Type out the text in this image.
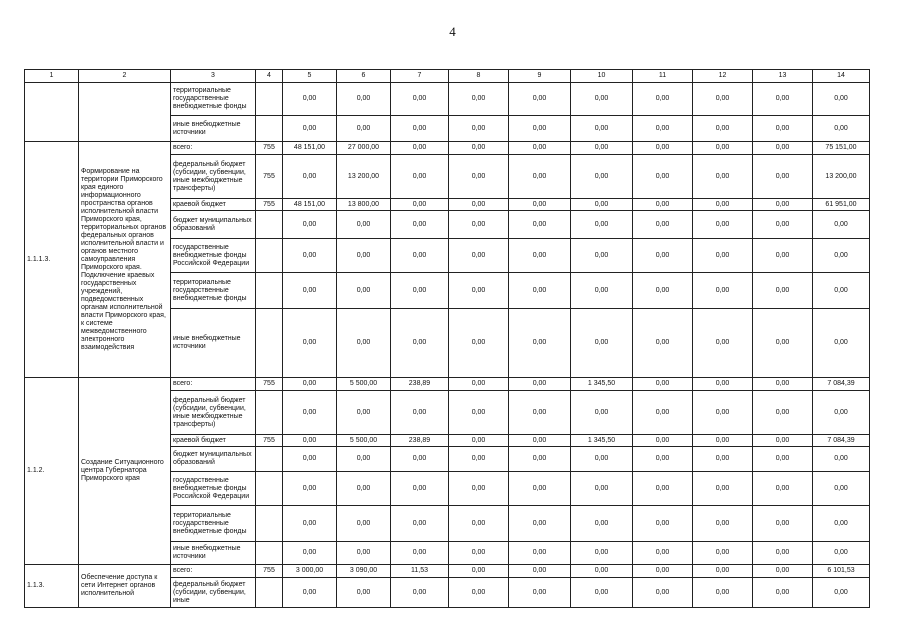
4
1	2	3	4	5	6	7	8	9	10	11	12	13	14
		территориальные государственные внебюджетные фонды		0,00	0,00	0,00	0,00	0,00	0,00	0,00	0,00	0,00	0,00
		иные внебюджетные источники		0,00	0,00	0,00	0,00	0,00	0,00	0,00	0,00	0,00	0,00
1.1.1.3.	Формирование на территории Приморского края единого информационного пространства органов исполнительной власти Приморского края, территориальных органов федеральных органов исполнительной власти и органов местного самоуправления Приморского края. Подключение краевых государственных учреждений, подведомственных органам исполнительной власти Приморского края, к системе межведомственного электронного взаимодействия	всего:	755	48 151,00	27 000,00	0,00	0,00	0,00	0,00	0,00	0,00	0,00	75 151,00
		федеральный бюджет (субсидии, субвенции, иные межбюджетные трансферты)	755	0,00	13 200,00	0,00	0,00	0,00	0,00	0,00	0,00	0,00	13 200,00
		краевой бюджет	755	48 151,00	13 800,00	0,00	0,00	0,00	0,00	0,00	0,00	0,00	61 951,00
		бюджет муниципальных образований		0,00	0,00	0,00	0,00	0,00	0,00	0,00	0,00	0,00	0,00
		государственные внебюджетные фонды Российской Федерации		0,00	0,00	0,00	0,00	0,00	0,00	0,00	0,00	0,00	0,00
		территориальные государственные внебюджетные фонды		0,00	0,00	0,00	0,00	0,00	0,00	0,00	0,00	0,00	0,00
		иные внебюджетные источники		0,00	0,00	0,00	0,00	0,00	0,00	0,00	0,00	0,00	0,00
1.1.2.	Создание Ситуационного центра Губернатора Приморского края	всего:	755	0,00	5 500,00	238,89	0,00	0,00	1 345,50	0,00	0,00	0,00	7 084,39
		федеральный бюджет (субсидии, субвенции, иные межбюджетные трансферты)		0,00	0,00	0,00	0,00	0,00	0,00	0,00	0,00	0,00	0,00
		краевой бюджет	755	0,00	5 500,00	238,89	0,00	0,00	1 345,50	0,00	0,00	0,00	7 084,39
		бюджет муниципальных образований		0,00	0,00	0,00	0,00	0,00	0,00	0,00	0,00	0,00	0,00
		государственные внебюджетные фонды Российской Федерации		0,00	0,00	0,00	0,00	0,00	0,00	0,00	0,00	0,00	0,00
		территориальные государственные внебюджетные фонды		0,00	0,00	0,00	0,00	0,00	0,00	0,00	0,00	0,00	0,00
		иные внебюджетные источники		0,00	0,00	0,00	0,00	0,00	0,00	0,00	0,00	0,00	0,00
1.1.3.	Обеспечение доступа к сети Интернет органов исполнительной	всего:	755	3 000,00	3 090,00	11,53	0,00	0,00	0,00	0,00	0,00	0,00	6 101,53
		федеральный бюджет (субсидии, субвенции, иные		0,00	0,00	0,00	0,00	0,00	0,00	0,00	0,00	0,00	0,00
